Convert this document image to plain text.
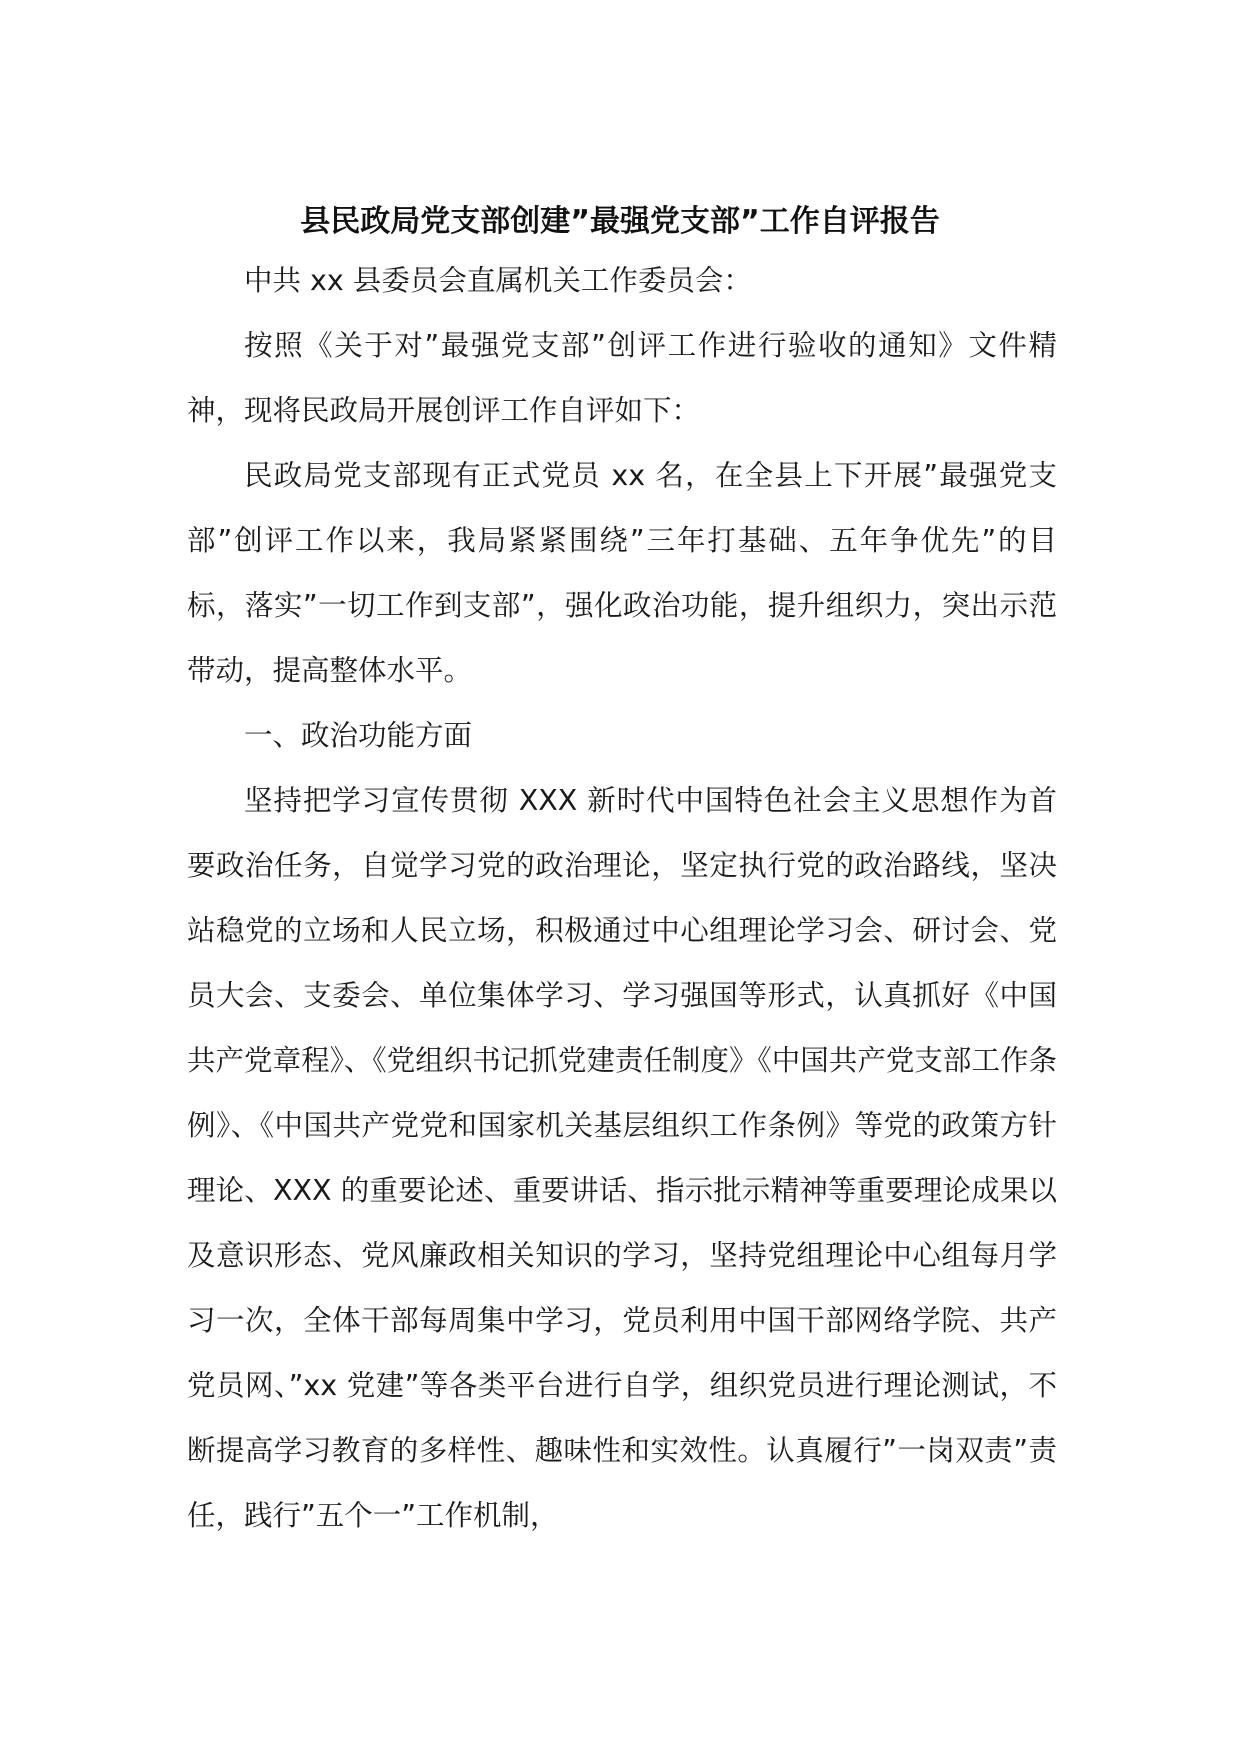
县民政局党支部创建”最强党支部”工作自评报告

中共 xx 县委员会直属机关工作委员会：

按照《关于对”最强党支部”创评工作进行验收的通知》文件精神，现将民政局开展创评工作自评如下：

民政局党支部现有正式党员 xx 名，在全县上下开展”最强党支部”创评工作以来，我局紧紧围绕”三年打基础、五年争优先”的目标，落实”一切工作到支部”，强化政治功能，提升组织力，突出示范带动，提高整体水平。

一、政治功能方面

坚持把学习宣传贯彻 XXX 新时代中国特色社会主义思想作为首要政治任务，自觉学习党的政治理论，坚定执行党的政治路线，坚决站稳党的立场和人民立场，积极通过中心组理论学习会、研讨会、党员大会、支委会、单位集体学习、学习强国等形式，认真抓好《中国共产党章程》、《党组织书记抓党建责任制度》《中国共产党支部工作条例》、《中国共产党党和国家机关基层组织工作条例》等党的政策方针理论、XXX 的重要论述、重要讲话、指示批示精神等重要理论成果以及意识形态、党风廉政相关知识的学习，坚持党组理论中心组每月学习一次，全体干部每周集中学习，党员利用中国干部网络学院、共产党员网、”xx 党建”等各类平台进行自学，组织党员进行理论测试，不断提高学习教育的多样性、趣味性和实效性。认真履行”一岗双责”责任，践行”五个一”工作机制，
